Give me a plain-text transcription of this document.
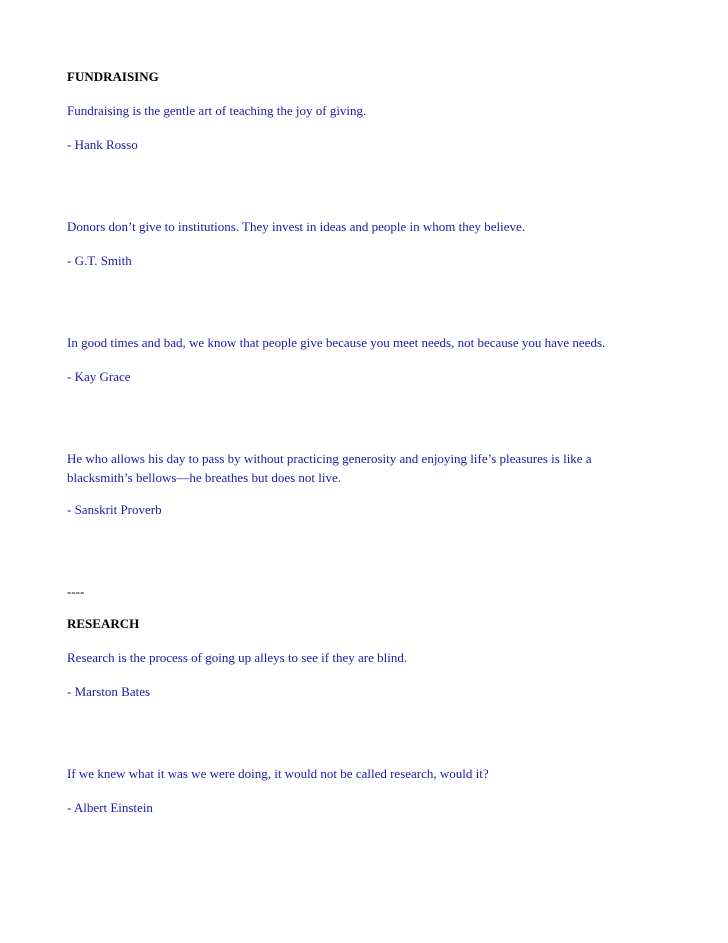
FUNDRAISING
Fundraising is the gentle art of teaching the joy of giving.
- Hank Rosso
Donors don’t give to institutions. They invest in ideas and people in whom they believe.
- G.T. Smith
In good times and bad, we know that people give because you meet needs, not because you have needs.
- Kay Grace
He who allows his day to pass by without practicing generosity and enjoying life’s pleasures is like a blacksmith’s bellows—he breathes but does not live.
- Sanskrit Proverb
----
RESEARCH
Research is the process of going up alleys to see if they are blind.
- Marston Bates
If we knew what it was we were doing, it would not be called research, would it?
- Albert Einstein
